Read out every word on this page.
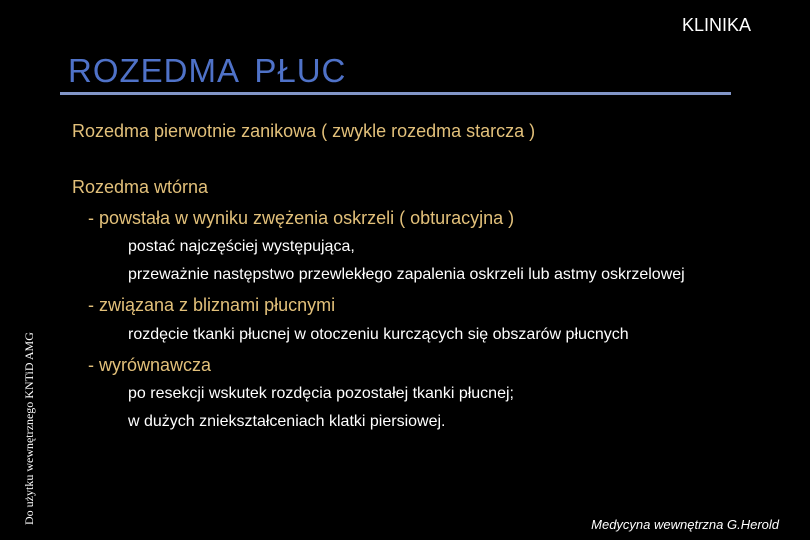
KLINIKA
ROZEDMA PŁUC
Rozedma pierwotnie zanikowa ( zwykle rozedma starcza )
Rozedma wtórna
- powstała w wyniku zwężenia oskrzeli ( obturacyjna )
postać najczęściej występująca,
przeważnie następstwo przewlekłego zapalenia oskrzeli lub astmy oskrzelowej
- związana z bliznami płucnymi
rozdęcie tkanki płucnej w otoczeniu kurczących się obszarów płucnych
- wyrównawcza
po resekcji wskutek rozdęcia pozostałej tkanki płucnej;
w dużych zniekształceniach klatki piersiowej.
Do użytku wewnętrznego KNTiD AMG	Medycyna wewnętrzna G.Herold
